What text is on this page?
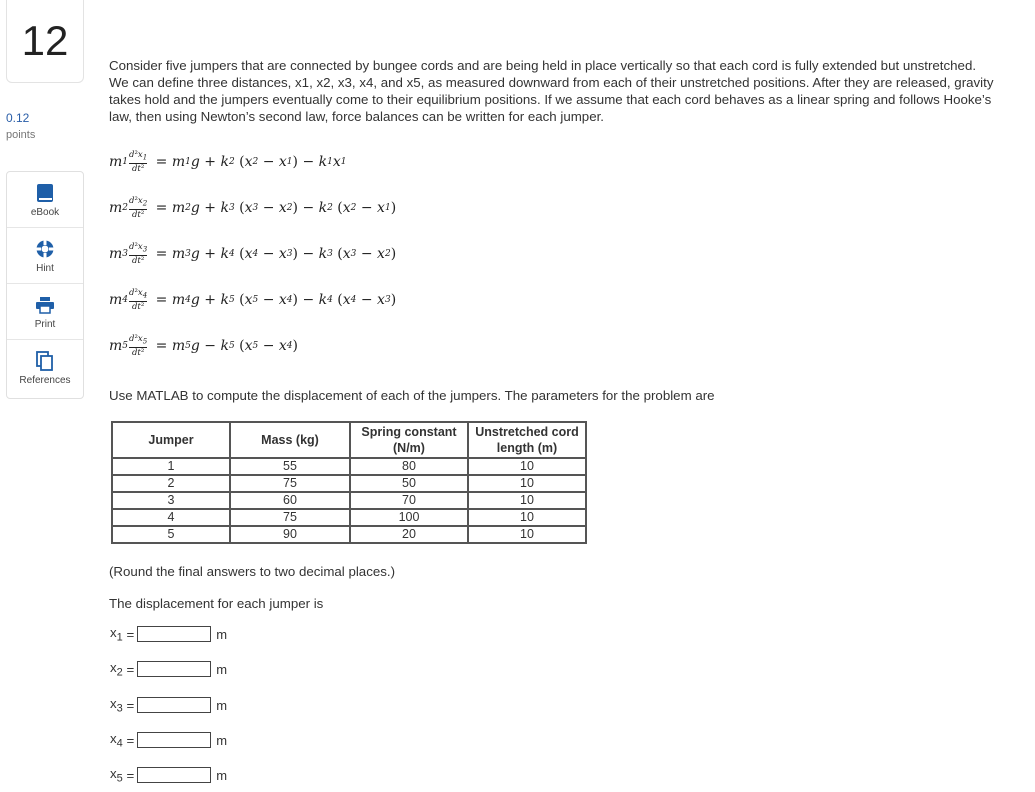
12
0.12
points
eBook
Hint
Print
References

Consider five jumpers that are connected by bungee cords and are being held in place vertically so that each cord is fully extended but unstretched. We can define three distances, x1, x2, x3, x4, and x5, as measured downward from each of their unstretched positions. After they are released, gravity takes hold and the jumpers eventually come to their equilibrium positions. If we assume that each cord behaves as a linear spring and follows Hooke’s law, then using Newton’s second law, force balances can be written for each jumper.

m $1 \frac{d^2x_1}{\text{dt²}} = m$ 1 g + k 2 ( x 2 − x 1 ) − k 1 x 1
m $2 \frac{d^2x_2}{\text{dt²}} = m$ 2 g + k 3 ( x 3 − x 2 ) − k 2 ( x 2 − x 1 )
m $3 \frac{d^2x_3}{\text{dt²}} = m$ 3 g + k 4 ( x 4 − x 3 ) − k 3 ( x 3 − x 2 )
m $4 \frac{d^2x_4}{\text{dt²}} = m$ 4 g + k 5 ( x 5 − x 4 ) − k 4 ( x 4 − x 3 )
m $5 \frac{d^2x_5}{\text{dt²}} = m$ 5 g − k 5 ( x 5 − x 4 )
Use MATLAB to compute the displacement of each of the jumpers. The parameters for the problem are
Jumper	Mass (kg)	Spring constant (N/m)	Unstretched cord length (m)
1	55	80	10
2	75	50	10
3	60	70	10
4	75	100	10
5	90	20	10
(Round the final answers to two decimal places.)
The displacement for each jumper is
$x_1$ =	m
$x_2$ =	m
$x_3$ =	m
$x_4$ =	m
$x_5$ =	m
